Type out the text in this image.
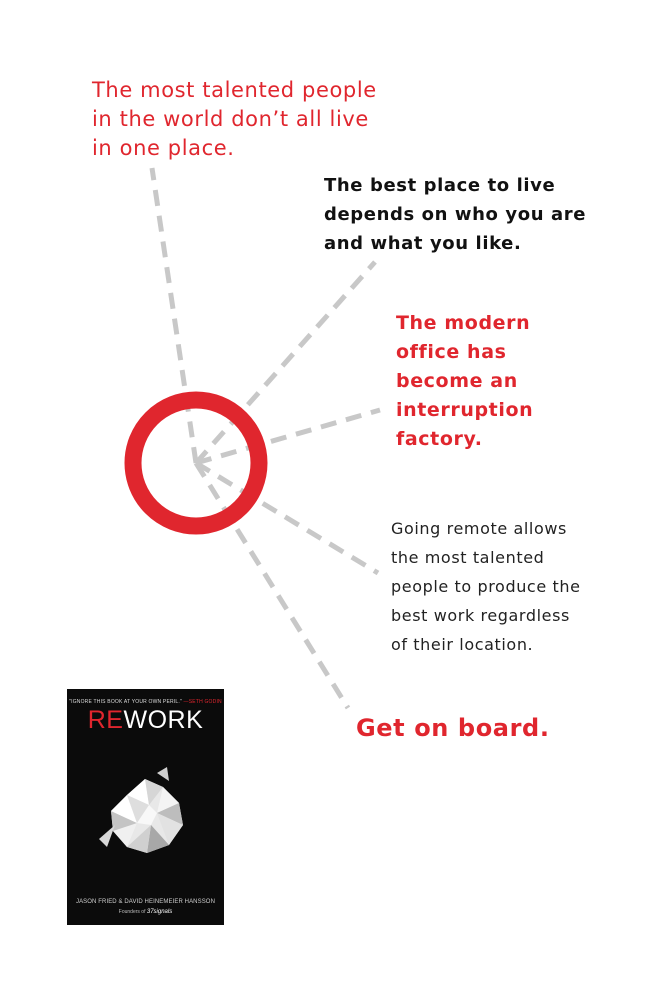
The most talented people
in the world don’t all live
in one place.

The best place to live
depends on who you are
and what you like.

The modern
office has
become an
interruption
factory.

Going remote allows
the most talented
people to produce the
best work regardless
of their location.

Get on board.

"IGNORE THIS BOOK AT YOUR OWN PERIL." —SETH GODIN
REWORK
JASON FRIED & DAVID HEINEMEIER HANSSON
Founders of 37signals
